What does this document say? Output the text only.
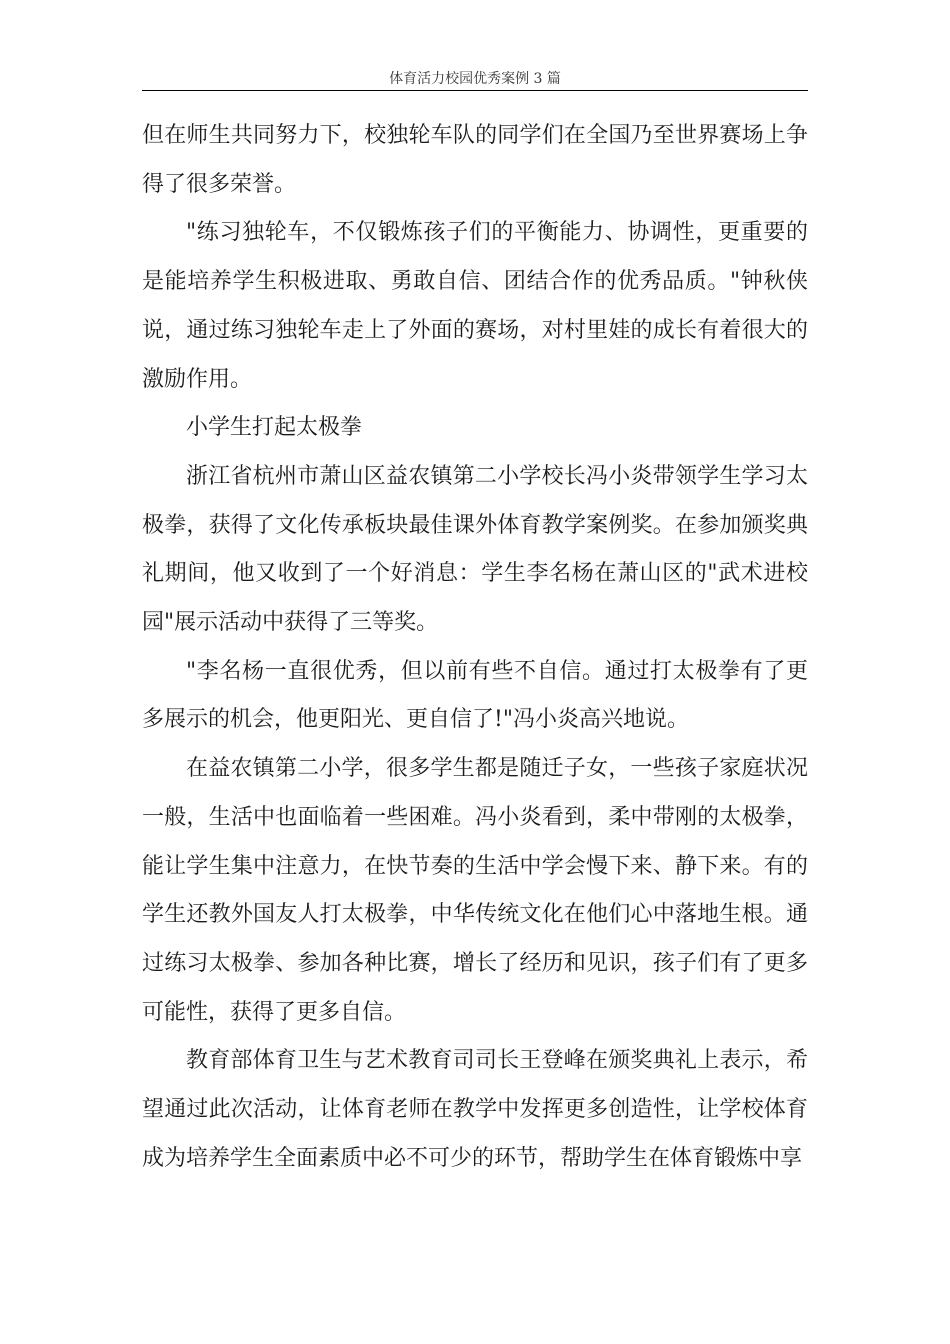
体育活力校园优秀案例 3 篇

但在师生共同努力下，校独轮车队的同学们在全国乃至世界赛场上争得了很多荣誉。

"练习独轮车，不仅锻炼孩子们的平衡能力、协调性，更重要的是能培养学生积极进取、勇敢自信、团结合作的优秀品质。"钟秋侠说，通过练习独轮车走上了外面的赛场，对村里娃的成长有着很大的激励作用。

小学生打起太极拳

浙江省杭州市萧山区益农镇第二小学校长冯小炎带领学生学习太极拳，获得了文化传承板块最佳课外体育教学案例奖。在参加颁奖典礼期间，他又收到了一个好消息：学生李名杨在萧山区的"武术进校园"展示活动中获得了三等奖。

"李名杨一直很优秀，但以前有些不自信。通过打太极拳有了更多展示的机会，他更阳光、更自信了!"冯小炎高兴地说。

在益农镇第二小学，很多学生都是随迁子女，一些孩子家庭状况一般，生活中也面临着一些困难。冯小炎看到，柔中带刚的太极拳，能让学生集中注意力，在快节奏的生活中学会慢下来、静下来。有的学生还教外国友人打太极拳，中华传统文化在他们心中落地生根。通过练习太极拳、参加各种比赛，增长了经历和见识，孩子们有了更多可能性，获得了更多自信。

教育部体育卫生与艺术教育司司长王登峰在颁奖典礼上表示，希望通过此次活动，让体育老师在教学中发挥更多创造性，让学校体育成为培养学生全面素质中必不可少的环节，帮助学生在体育锻炼中享
